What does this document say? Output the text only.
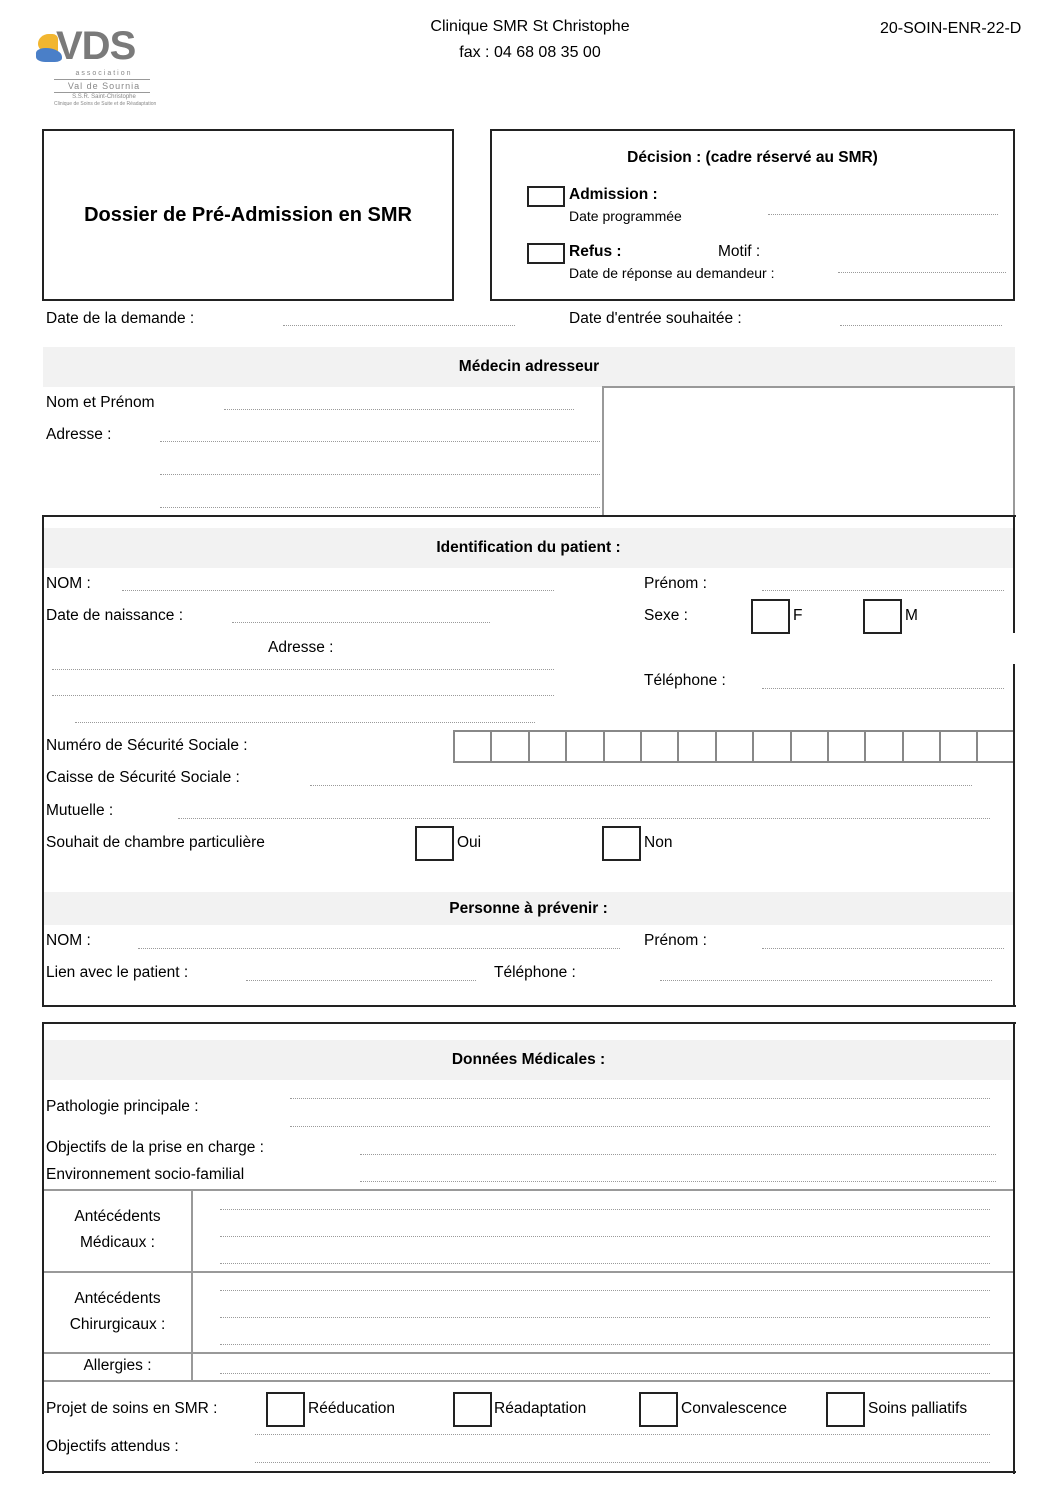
VDS
association
Val de Sournia
S.S.R. Saint-Christophe
Clinique de Soins de Suite et de Réadaptation
Clinique SMR St Christophe
fax : 04 68 08 35 00
20-SOIN-ENR-22-D
Dossier de Pré-Admission en SMR
Décision : (cadre réservé au SMR)
Admission :
Date programmée
Refus :	Motif :
Date de réponse au demandeur :
Date de la demande :	Date d'entrée souhaitée :
Médecin adresseur
Nom et Prénom
Adresse :
Identification du patient :
NOM :	Prénom :
Date de naissance :	Sexe :	F	M
Adresse :
Téléphone :
Numéro de Sécurité Sociale :
Caisse de Sécurité Sociale :
Mutuelle :
Souhait de chambre particulière	Oui	Non
Personne à prévenir :
NOM :	Prénom :
Lien avec le patient :	Téléphone :
Données Médicales :
Pathologie principale :
Objectifs de la prise en charge :
Environnement socio-familial
Antécédents
Médicaux :
Antécédents
Chirurgicaux :
Allergies :
Projet de soins en SMR :	Rééducation	Réadaptation	Convalescence	Soins palliatifs
Objectifs attendus :
